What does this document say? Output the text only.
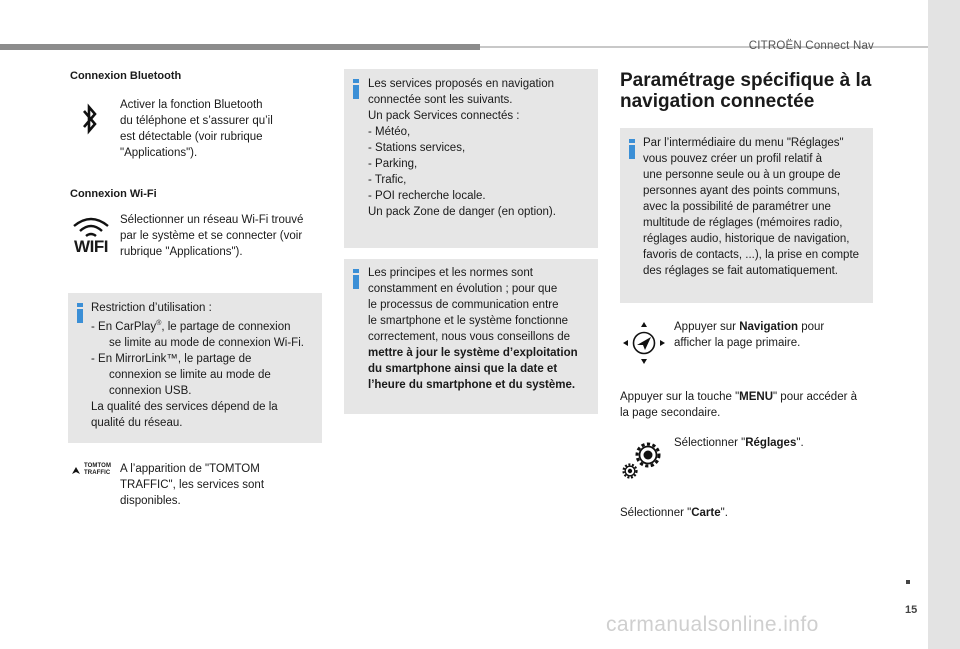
CITROËN Connect Nav
Connexion Bluetooth
Activer la fonction Bluetooth
du téléphone et s’assurer qu’il
est détectable (voir rubrique
"Applications").
Connexion Wi-Fi
WIFI
Sélectionner un réseau Wi-Fi trouvé
par le système et se connecter (voir
rubrique "Applications").
Restriction d’utilisation :
- En CarPlay®, le partage de connexion
se limite au mode de connexion Wi-Fi.
- En MirrorLink™, le partage de
connexion se limite au mode de
connexion USB.
La qualité des services dépend de la
qualité du réseau.
TOMTOM
TRAFFIC A l’apparition de "TOMTOM
TRAFFIC", les services sont
disponibles.
Les services proposés en navigation
connectée sont les suivants.
Un pack Services connectés :
- Météo,
- Stations services,
- Parking,
- Trafic,
- POI recherche locale.
Un pack Zone de danger (en option).
Les principes et les normes sont
constamment en évolution ; pour que
le processus de communication entre
le smartphone et le système fonctionne
correctement, nous vous conseillons de
mettre à jour le système d’exploitation
du smartphone ainsi que la date et
l’heure du smartphone et du système.
Paramétrage spécifique à la
navigation connectée
Par l’intermédiaire du menu "Réglages"
vous pouvez créer un profil relatif à
une personne seule ou à un groupe de
personnes ayant des points communs,
avec la possibilité de paramétrer une
multitude de réglages (mémoires radio,
réglages audio, historique de navigation,
favoris de contacts, ...), la prise en compte
des réglages se fait automatiquement.
Appuyer sur Navigation pour
afficher la page primaire.
Appuyer sur la touche "MENU" pour accéder à
la page secondaire.
Sélectionner "Réglages".
Sélectionner "Carte".
15
carmanualsonline.info
